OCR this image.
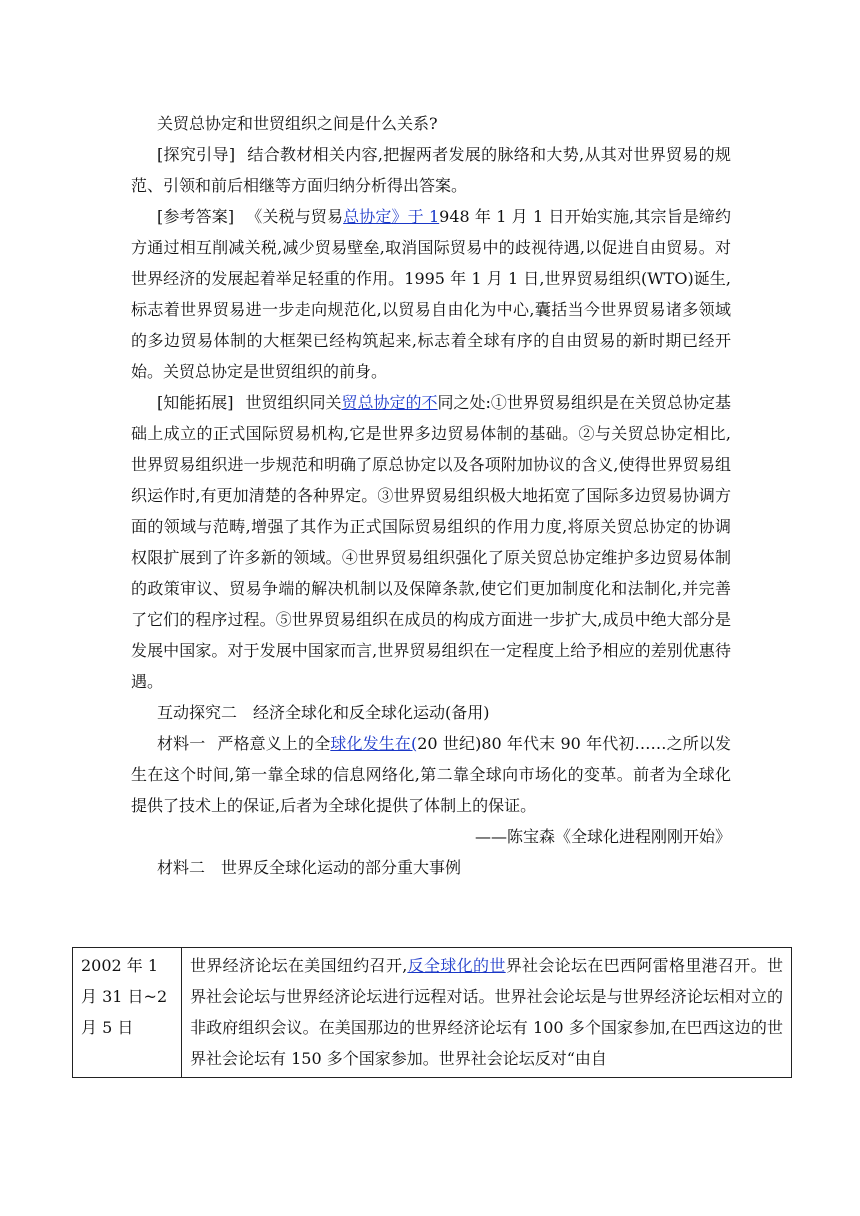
关贸总协定和世贸组织之间是什么关系?

[探究引导] 结合教材相关内容,把握两者发展的脉络和大势,从其对世界贸易的规范、引领和前后相继等方面归纳分析得出答案。

[参考答案] 《关税与贸易总协定》于 1948 年 1 月 1 日开始实施,其宗旨是缔约方通过相互削减关税,减少贸易壁垒,取消国际贸易中的歧视待遇,以促进自由贸易。对世界经济的发展起着举足轻重的作用。1995 年 1 月 1 日,世界贸易组织(WTO)诞生,标志着世界贸易进一步走向规范化,以贸易自由化为中心,囊括当今世界贸易诸多领域的多边贸易体制的大框架已经构筑起来,标志着全球有序的自由贸易的新时期已经开始。关贸总协定是世贸组织的前身。

[知能拓展] 世贸组织同关贸总协定的不同之处:①世界贸易组织是在关贸总协定基础上成立的正式国际贸易机构,它是世界多边贸易体制的基础。②与关贸总协定相比,世界贸易组织进一步规范和明确了原总协定以及各项附加协议的含义,使得世界贸易组织运作时,有更加清楚的各种界定。③世界贸易组织极大地拓宽了国际多边贸易协调方面的领域与范畴,增强了其作为正式国际贸易组织的作用力度,将原关贸总协定的协调权限扩展到了许多新的领域。④世界贸易组织强化了原关贸总协定维护多边贸易体制的政策审议、贸易争端的解决机制以及保障条款,使它们更加制度化和法制化,并完善了它们的程序过程。⑤世界贸易组织在成员的构成方面进一步扩大,成员中绝大部分是发展中国家。对于发展中国家而言,世界贸易组织在一定程度上给予相应的差别优惠待遇。

互动探究二　经济全球化和反全球化运动(备用)

材料一 严格意义上的全球化发生在(20 世纪)80 年代末 90 年代初……之所以发生在这个时间,第一靠全球的信息网络化,第二靠全球向市场化的变革。前者为全球化提供了技术上的保证,后者为全球化提供了体制上的保证。

——陈宝森《全球化进程刚刚开始》

材料二　世界反全球化运动的部分重大事例

2002 年 1 月 31 日~2 月 5 日	世界经济论坛在美国纽约召开,反全球化的世界社会论坛在巴西阿雷格里港召开。世界社会论坛与世界经济论坛进行远程对话。世界社会论坛是与世界经济论坛相对立的非政府组织会议。在美国那边的世界经济论坛有 100 多个国家参加,在巴西这边的世界社会论坛有 150 多个国家参加。世界社会论坛反对“由自
